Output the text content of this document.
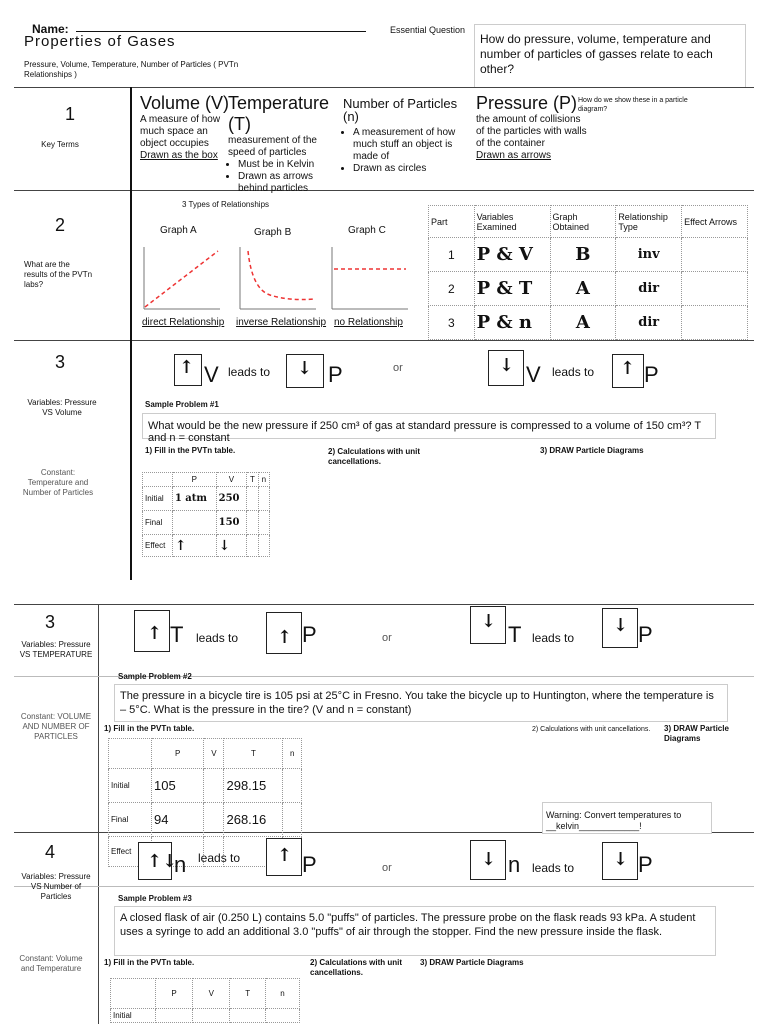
Name:
Properties of Gases
Pressure, Volume, Temperature, Number of Particles ( PVTn Relationships )
Essential Question
How do pressure, volume, temperature and number of particles of gasses relate to each other?
1
Key Terms
Volume (V)
A measure of how much space an object occupies
Drawn as the box
Temperature (T)
measurement of the speed of particles
• Must be in Kelvin
• Drawn as arrows behind particles
Number of Particles (n)
• A measurement of how much stuff an object is made of
• Drawn as circles
Pressure (P)
the amount of collisions of the particles with walls of the container
Drawn as arrows
How do we show these in a particle diagram?
2
What are the results of the PVTn labs?
3 Types of Relationships
Graph A
direct Relationship
Graph B
inverse Relationship
Graph C
no Relationship
Part	Variables Examined	Graph Obtained	Relationship Type	Effect Arrows
1	P & V	B	inv	
2	P & T	A	dir	
3	P & n	A	dir	
3
Variables: Pressure VS Volume
Constant: Temperature and Number of Particles
↑ V leads to ↓ P	or	↓ V leads to ↑ P
Sample Problem #1
What would be the new pressure if 250 cm³ of gas at standard pressure is compressed to a volume of 150 cm³? T and n = constant
1) Fill in the PVTn table.	2) Calculations with unit cancellations.
3) DRAW Particle Diagrams
	P	V	T	n
Initial	1 atm	250		
Final		150		
Effect	↑	↓		
3
Variables: Pressure VS TEMPERATURE
Constant: VOLUME AND NUMBER OF PARTICLES
↑ T leads to ↑ P	or
↓
T leads to
↓ P
Sample Problem #2
The pressure in a bicycle tire is 105 psi at 25°C in Fresno. You take the bicycle up to Huntington, where the temperature is – 5°C. What is the pressure in the tire? (V and n = constant)
1) Fill in the PVTn table.	2) Calculations with unit cancellations.	3) DRAW Particle Diagrams
	P	V	T	n
Initial	105		298.15	
Final	94		268.16	
Effect				
Warning: Convert temperatures to __kelvin____________!
4
Variables: Pressure VS Number of Particles
Constant: Volume and Temperature
↑↓
n leads to ↑ P	or	↓ n leads to ↓ P
Sample Problem #3
A closed flask of air (0.250 L) contains 5.0 "puffs" of particles. The pressure probe on the flask reads 93 kPa. A student uses a syringe to add an additional 3.0 "puffs" of air through the stopper. Find the new pressure inside the flask.
1) Fill in the PVTn table.	2) Calculations with unit cancellations.
3) DRAW Particle Diagrams
	P	V	T	n
Initial				
